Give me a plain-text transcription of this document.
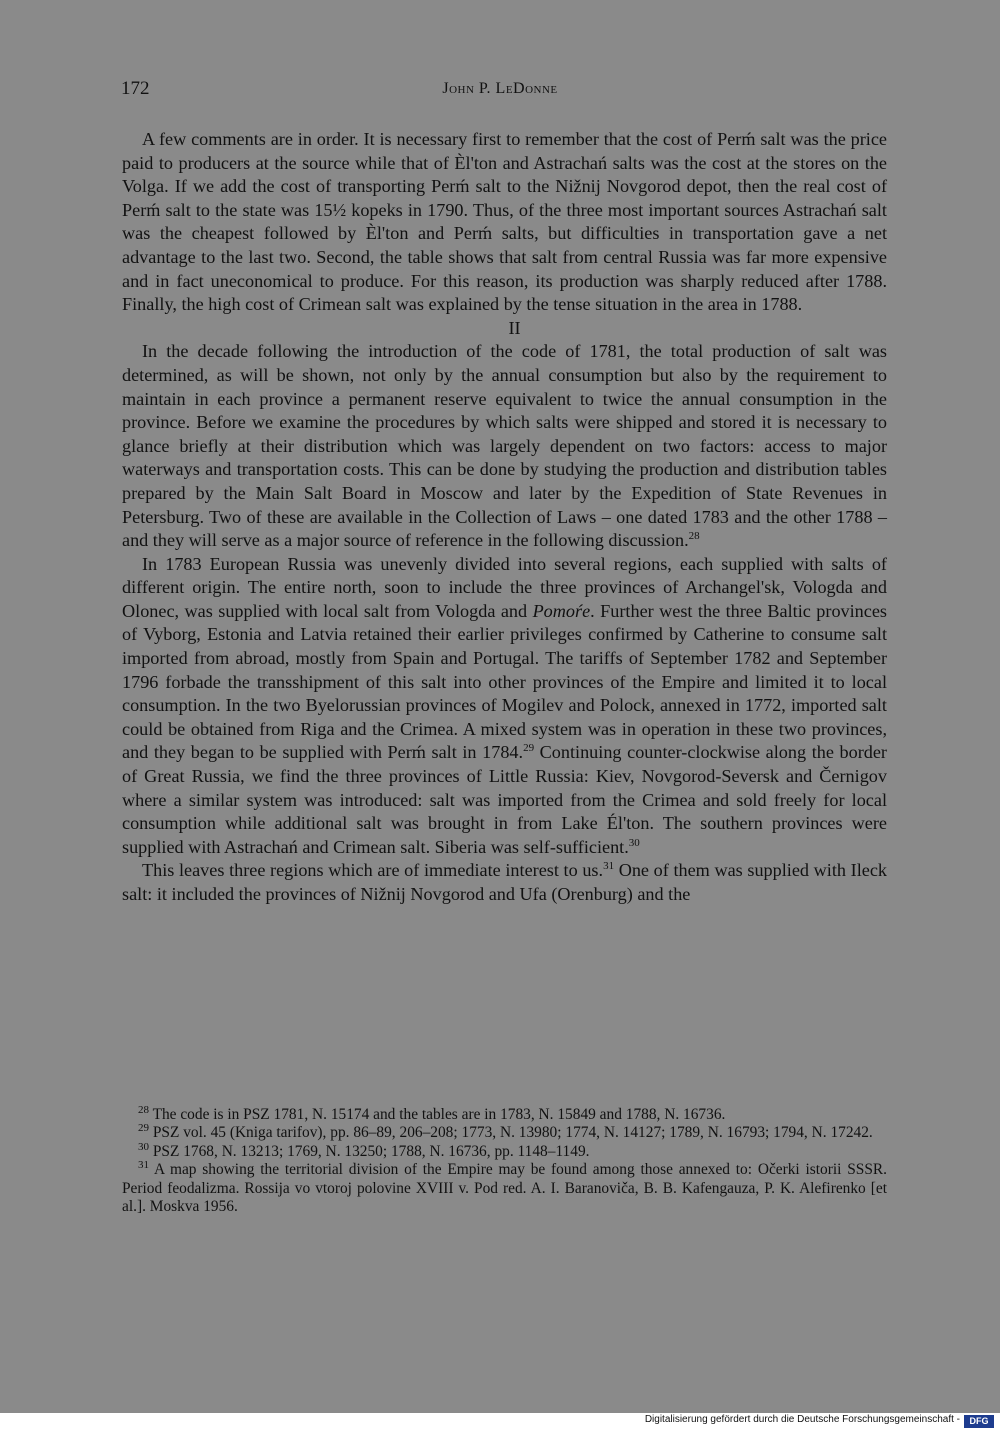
172	John P. LeDonne

A few comments are in order. It is necessary first to remember that the cost of Perḿ salt was the price paid to producers at the source while that of Èl'ton and Astrachań salts was the cost at the stores on the Volga. If we add the cost of transporting Perḿ salt to the Nižnij Novgorod depot, then the real cost of Perḿ salt to the state was 15½ kopeks in 1790. Thus, of the three most important sources Astrachań salt was the cheapest followed by Èl'ton and Perḿ salts, but difficulties in transportation gave a net advantage to the last two. Second, the table shows that salt from central Russia was far more expensive and in fact uneconomical to produce. For this reason, its production was sharply reduced after 1788. Finally, the high cost of Crimean salt was explained by the tense situation in the area in 1788.

II

In the decade following the introduction of the code of 1781, the total production of salt was determined, as will be shown, not only by the annual consumption but also by the requirement to maintain in each province a permanent reserve equivalent to twice the annual consumption in the province. Before we examine the procedures by which salts were shipped and stored it is necessary to glance briefly at their distribution which was largely dependent on two factors: access to major waterways and transportation costs. This can be done by studying the production and distribution tables prepared by the Main Salt Board in Moscow and later by the Expedition of State Revenues in Petersburg. Two of these are available in the Collection of Laws – one dated 1783 and the other 1788 – and they will serve as a major source of reference in the following discussion.$^{28}$

In 1783 European Russia was unevenly divided into several regions, each supplied with salts of different origin. The entire north, soon to include the three provinces of Archangel'sk, Vologda and Olonec, was supplied with local salt from Vologda and Pomoŕe. Further west the three Baltic provinces of Vyborg, Estonia and Latvia retained their earlier privileges confirmed by Catherine to consume salt imported from abroad, mostly from Spain and Portugal. The tariffs of September 1782 and September 1796 forbade the transshipment of this salt into other provinces of the Empire and limited it to local consumption. In the two Byelorussian provinces of Mogilev and Polock, annexed in 1772, imported salt could be obtained from Riga and the Crimea. A mixed system was in operation in these two provinces, and they began to be supplied with Perḿ salt in 1784.29 Continuing counter-clockwise along the border of Great Russia, we find the three provinces of Little Russia: Kiev, Novgorod-Seversk and Černigov where a similar system was introduced: salt was imported from the Crimea and sold freely for local consumption while additional salt was brought in from Lake Él'ton. The southern provinces were supplied with Astrachań and Crimean salt. Siberia was self-sufficient.$^{30}$

This leaves three regions which are of immediate interest to us.$^{31}$ One of them was supplied with Ileck salt: it included the provinces of Nižnij Novgorod and Ufa (Orenburg) and the

$^{28}$ The code is in PSZ 1781, N. 15174 and the tables are in 1783, N. 15849 and 1788, N. 16736.

$^{29}$ PSZ vol. 45 (Kniga tarifov), pp. 86–89, 206–208; 1773, N. 13980; 1774, N. 14127; 1789, N. 16793; 1794, N. 17242.

$^{30}$ PSZ 1768, N. 13213; 1769, N. 13250; 1788, N. 16736, pp. 1148–1149.

$^{31}$ A map showing the territorial division of the Empire may be found among those annexed to: Očerki istorii SSSR. Period feodalizma. Rossija vo vtoroj polovine XVIII v. Pod red. A. I. Baranoviča, B. B. Kafengauza, P. K. Alefirenko [et al.]. Moskva 1956.

Digitalisierung gefördert durch die Deutsche Forschungsgemeinschaft -	DFG
